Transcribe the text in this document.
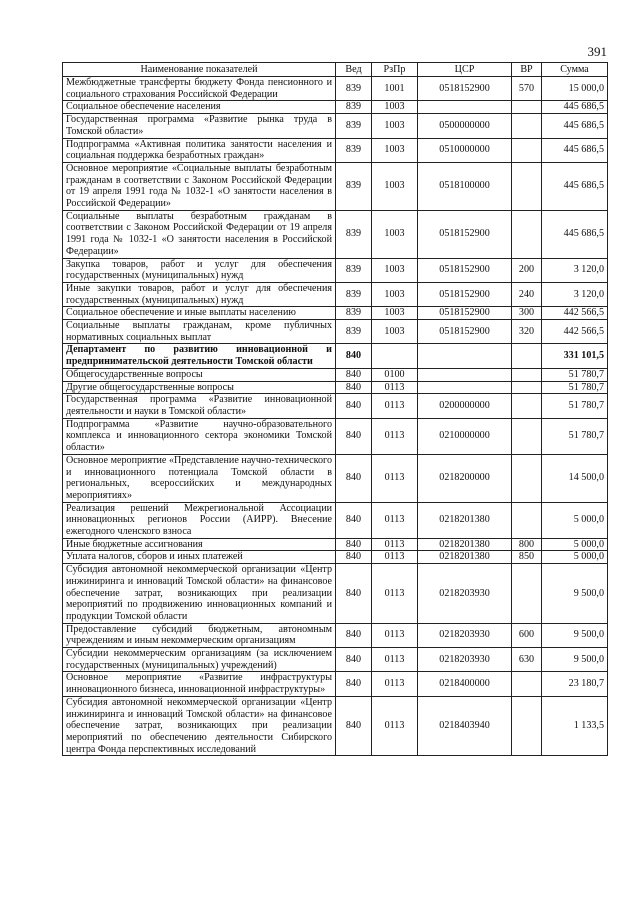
391
Наименование показателей	Вед	РзПр	ЦСР	ВР	Сумма
Межбюджетные трансферты бюджету Фонда пенсионного и социального страхования Российской Федерации	839	1001	0518152900	570	15 000,0
Социальное обеспечение населения	839	1003			445 686,5
Государственная программа «Развитие рынка труда в Томской области»	839	1003	0500000000		445 686,5
Подпрограмма «Активная политика занятости населения и социальная поддержка безработных граждан»	839	1003	0510000000		445 686,5
Основное мероприятие «Социальные выплаты безработным гражданам в соответствии с Законом Российской Федерации от 19 апреля 1991 года № 1032-1 «О занятости населения в Российской Федерации»	839	1003	0518100000		445 686,5
Социальные выплаты безработным гражданам в соответствии с Законом Российской Федерации от 19 апреля 1991 года № 1032-1 «О занятости населения в Российской Федерации»	839	1003	0518152900		445 686,5
Закупка товаров, работ и услуг для обеспечения государственных (муниципальных) нужд	839	1003	0518152900	200	3 120,0
Иные закупки товаров, работ и услуг для обеспечения государственных (муниципальных) нужд	839	1003	0518152900	240	3 120,0
Социальное обеспечение и иные выплаты населению	839	1003	0518152900	300	442 566,5
Социальные выплаты гражданам, кроме публичных нормативных социальных выплат	839	1003	0518152900	320	442 566,5
Департамент по развитию инновационной и предпринимательской деятельности Томской области	840				331 101,5
Общегосударственные вопросы	840	0100			51 780,7
Другие общегосударственные вопросы	840	0113			51 780,7
Государственная программа «Развитие инновационной деятельности и науки в Томской области»	840	0113	0200000000		51 780,7
Подпрограмма «Развитие научно-образовательного комплекса и инновационного сектора экономики Томской области»	840	0113	0210000000		51 780,7
Основное мероприятие «Представление научно-технического и инновационного потенциала Томской области в региональных, всероссийских и международных мероприятиях»	840	0113	0218200000		14 500,0
Реализация решений Межрегиональной Ассоциации инновационных регионов России (АИРР). Внесение ежегодного членского взноса	840	0113	0218201380		5 000,0
Иные бюджетные ассигнования	840	0113	0218201380	800	5 000,0
Уплата налогов, сборов и иных платежей	840	0113	0218201380	850	5 000,0
Субсидия автономной некоммерческой организации «Центр инжиниринга и инноваций Томской области» на финансовое обеспечение затрат, возникающих при реализации мероприятий по продвижению инновационных компаний и продукции Томской области	840	0113	0218203930		9 500,0
Предоставление субсидий бюджетным, автономным учреждениям и иным некоммерческим организациям	840	0113	0218203930	600	9 500,0
Субсидии некоммерческим организациям (за исключением государственных (муниципальных) учреждений)	840	0113	0218203930	630	9 500,0
Основное мероприятие «Развитие инфраструктуры инновационного бизнеса, инновационной инфраструктуры»	840	0113	0218400000		23 180,7
Субсидия автономной некоммерческой организации «Центр инжиниринга и инноваций Томской области» на финансовое обеспечение затрат, возникающих при реализации мероприятий по обеспечению деятельности Сибирского центра Фонда перспективных исследований	840	0113	0218403940		1 133,5
